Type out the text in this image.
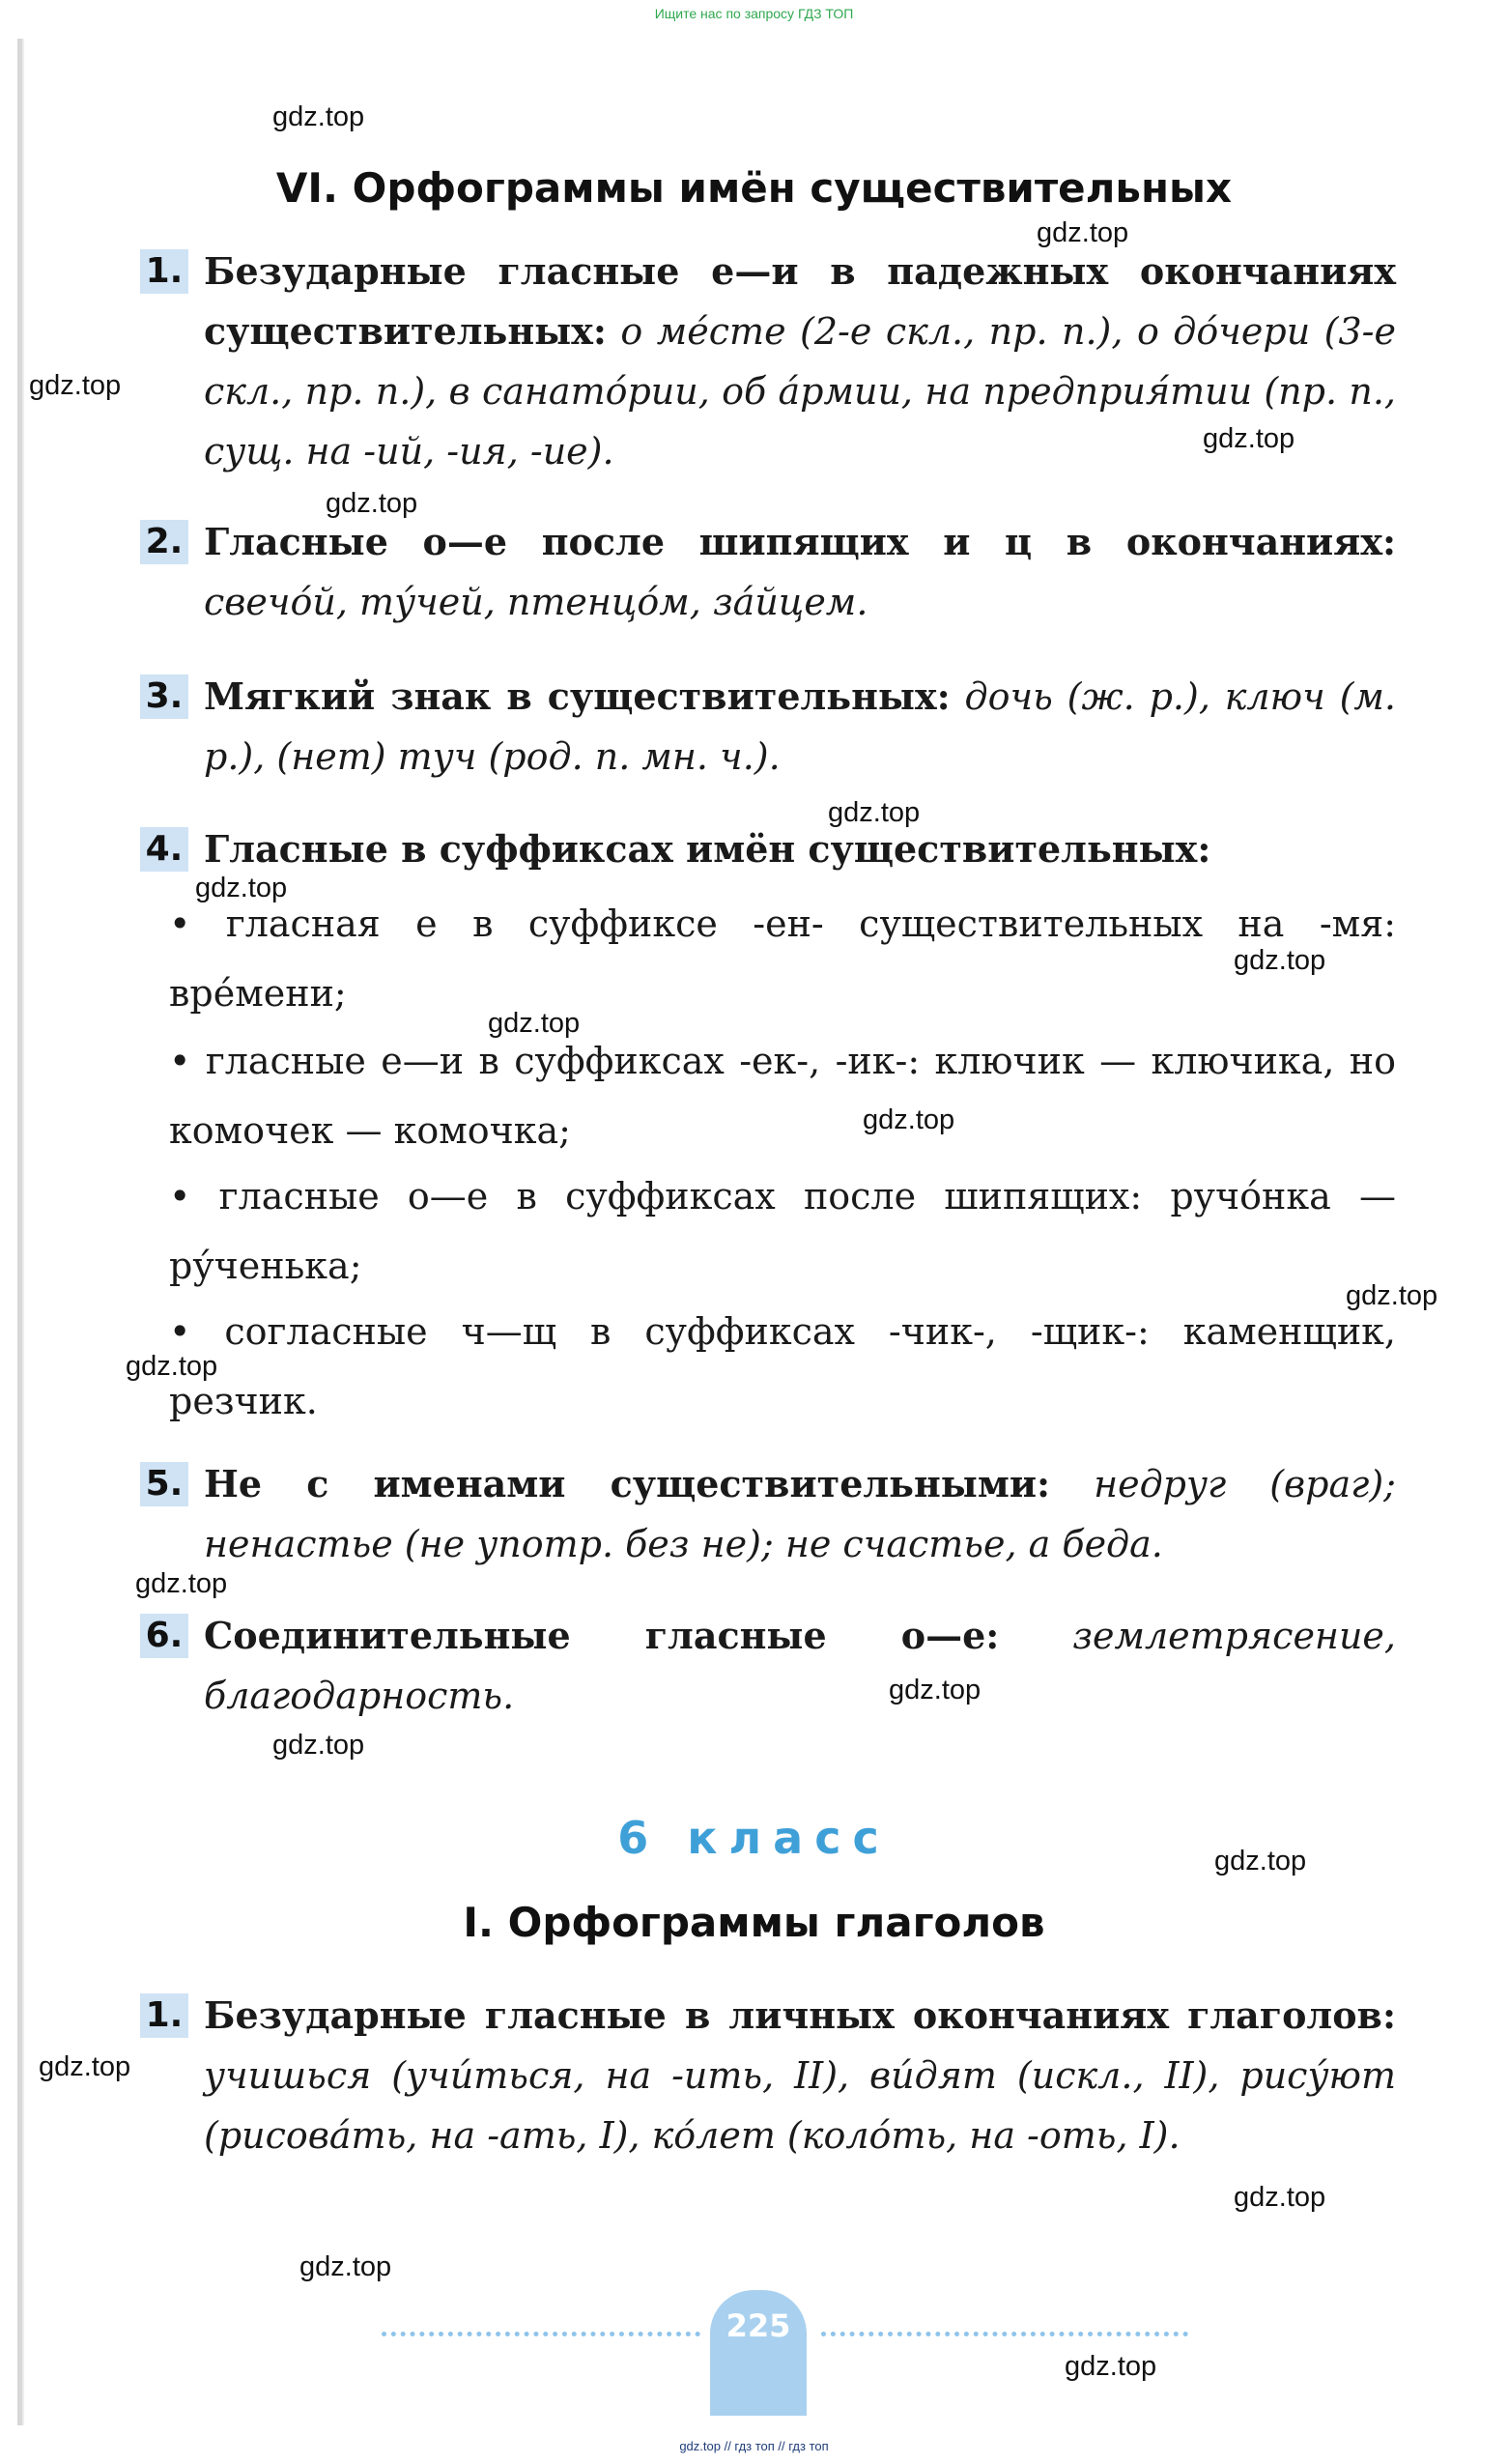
Ищите нас по запросу ГДЗ ТОП
gdz.top
gdz.top
gdz.top
gdz.top
gdz.top
gdz.top
gdz.top
gdz.top
gdz.top
gdz.top
gdz.top
gdz.top
gdz.top
gdz.top
gdz.top
gdz.top
gdz.top
gdz.top
gdz.top
gdz.top
VI. Орфограммы имён существительных
1. Безударные гласные е—и в падежных окончаниях существительных: о ме́сте (2-е скл., пр. п.), о до́чери (3-е скл., пр. п.), в санато́рии, об а́рмии, на предприя́тии (пр. п., сущ. на -ий, -ия, -ие).
2. Гласные о—е после шипящих и ц в окончаниях: свечо́й, ту́чей, птенцо́м, за́йцем.
3. Мягкий знак в существительных: дочь (ж. р.), ключ (м. р.), (нет) туч (род. п. мн. ч.).
4. Гласные в суффиксах имён существительных:
• гласная е в суффиксе -ен- существительных на -мя: вре́мени;
• гласные е—и в суффиксах -ек-, -ик-: ключик — ключика, но комочек — комочка;
• гласные о—е в суффиксах после шипящих: ручо́нка — ру́ченька;
• согласные ч—щ в суффиксах -чик-, -щик-: каменщик, резчик.
5. Не с именами существительными: недруг (враг); ненастье (не употр. без не); не счастье, а беда.
6. Соединительные гласные о—е: землетрясение, благодарность.
6 класс
I. Орфограммы глаголов
1. Безударные гласные в личных окончаниях глаголов: учишься (учи́ться, на -ить, II), ви́дят (искл., II), рису́ют (рисова́ть, на -ать, I), ко́лет (коло́ть, на -оть, I).
225
gdz.top // гдз топ // гдз топ
